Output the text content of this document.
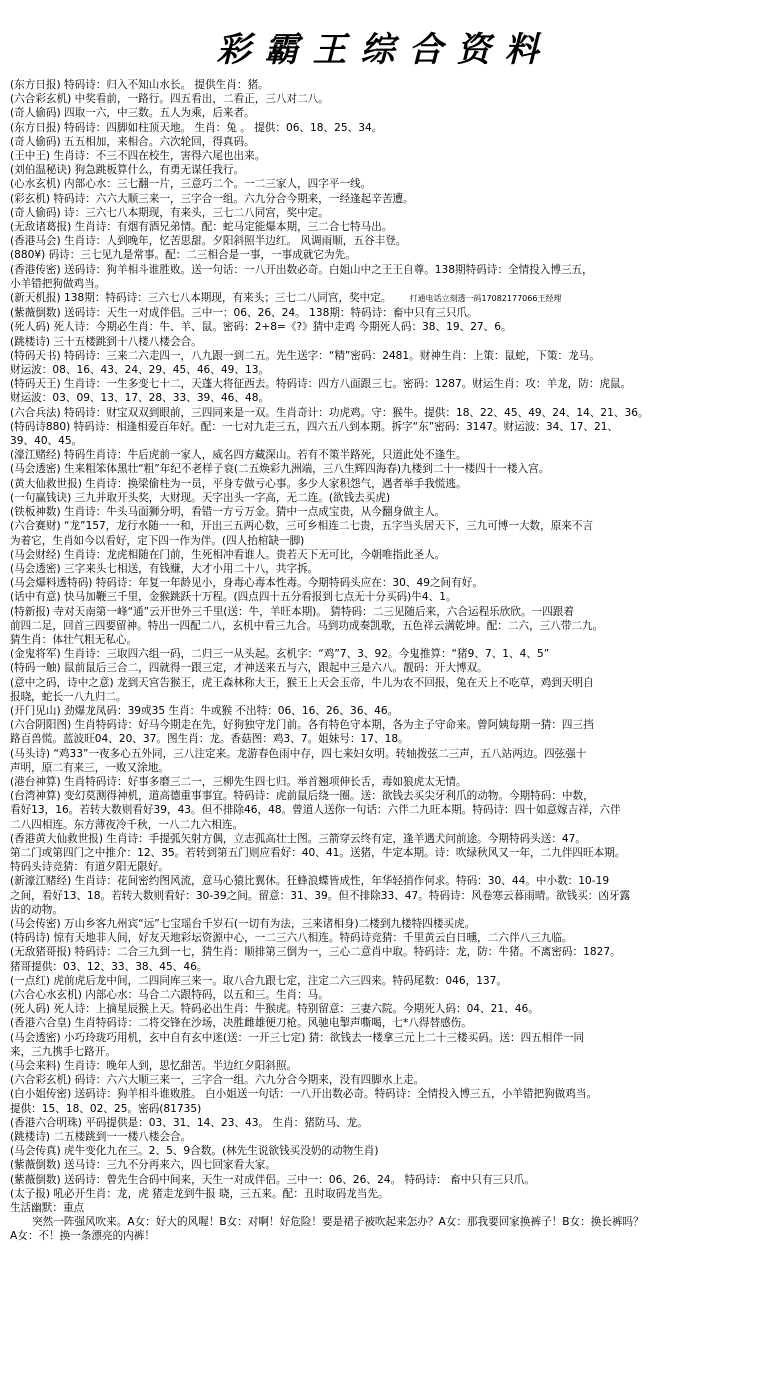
彩霸王综合资料
(东方日报) 特码诗：归入不知山水长。 提供生肖：猪。
(六合彩玄机) 中奖看前，一路行。四五看出，二看正，三八对二八。
(奇人偷码) 四取一六，中三数。五人为乘，后来者。
(东方日报) 特码诗：四脚如柱顶天地。 生肖：兔 。 提供：06、18、25、34。
(奇人偷码) 五五相加，来相合。六次轮回，得真码。
(王中王) 生肖诗：不三不四在校生，害得六尾也出来。
(刘伯温秘诀) 狗急跳板算什么，有勇无谋任我行。
(心水玄机) 内部心水：三七翻一片，三意巧二个。一二三家人，四字平一线。
(彩玄机) 特码诗：六六大顺三来一，三字合一组。六九分合今期来，一经逢起辛苦遭。
(奇人偷码) 诗：三六七八本期现，有来头，三七二八同宫，奖中定。
(无敌诸葛报) 生肖诗：有烟有酒兄弟情。配：蛇马定能爆本期，三二合七特马出。
(香港马会) 生肖诗：人到晚年，忆苦思甜。夕阳斜照半边红。 风调雨顺，五谷丰登。
(880¥) 码诗：三七见九是常事。配：二三相合是一事，一事成就它为先。
(香港传密) 送码诗：狗羊相斗谁胜败。送一句话：一八开出数必奇。白姐山中之王王自尊。138期特码诗：全情投入博三五，
小羊错把狗做鸡当。
(新天机报) 138期：特码诗：三六七八本期现，有来头；三七二八同宫，奖中定。 打通电话立刻透一码17082177066王经理
(紫薇倒数) 送码诗：天生一对成伴侣。三中一：06、26、24。 138期：特码诗：畜中只有三只爪。
(死人码) 死人诗：今期必生肖：牛、羊、鼠。密码：2+8=《?》猜中走鸡 今期死人码：38、19、27、6。
(跳楼诗) 三十五楼跳到十八楼八楼会合。
(特码天书) 特码诗：三来二六走四一，八九跟一到二五。先生送字：“精”密码：2481。财神生肖：上策：鼠蛇，下策：龙马。
财运波：08、16、43、24、29、45、46、49、13。
(特码天王) 生肖诗：一生多变七十二，天蓬大将征西去。特码诗：四方八面跟三七。密码：1287。财运生肖：攻：羊龙，防：虎鼠。
财运波：03、09、13、17、28、33、39、46、48。
(六合兵法) 特码诗：财宝双双到眼前，三四同来是一双。生肖奇计：功虎鸡。守：猴牛。提供：18、22、45、49、24、14、21、36。
(特码诗880) 特码诗：相逢相爱百年好。配：一七对九走三五，四六五八到本期。拆字“东”密码：3147。财运波：34、17、21、
39、40、45。
(濠江赌经) 特码生肖诗：牛后虎前一家人，威名四方藏深山。若有不策半路死，只道此处不逢生。
(马会透密) 生来粗笨体黑壮“粗”年纪不老样子衰(二五焕彩九洲端，三八生辉四海春)九楼到二十一楼四十一楼入宫。
(黄大仙救世报) 生肖诗：换梁偷柱为一员，平身专做亏心事。多少人家积怨气，遇者举手我慌逃。
(一句赢钱诀) 三九并取开头奖，大财现。天字出头一字高，无二连。(欲钱去买虎)
(铁板神数) 生肖诗：牛头马面狮分明，看错一方亏万金。猜中一点成宝贵，从今翻身做主人。
(六合赛财) “龙”157，龙行水随一一和，开出三五两心数，三可乡相连二七贵，五字当头居天下，三九可博一大数，原来不言
为着它，生肖如今以看好，定下四一作为伴。(四人抬棺缺一脚)
(马会财经) 生肖诗：龙虎相随在门前，生死相冲看谁人。贵若天下无可比，今朝唯指此圣人。
(马会透密) 三字来头七相送，有钱赚，大才小用二十八，共字拆。
(马会爆料透特码) 特码诗：年复一年龄见小，身毒心毒本性毒。今期特码头应在：30、49之间有好。
(话中有意) 快马加鞭三千里，金猴跳跃十万程。(四点四十五分看报到七点无十分买码)牛4、1。
(特新报) 寺对天南第一峰“通”云开世外三千里(送：牛，羊旺本期)。 猜特码：二三见随后来，六合运程乐欣欣。一四跟着
前四二足，回首三四要留神。特出一四配二八，玄机中看三九合。马到功成奏凯歌，五色祥云满乾坤。配：二六，三八带二九。
猜生肖：体壮气粗无私心。
(金鬼将军) 生肖诗：三取四六组一码，二归三一从头起。玄机字：“鸡”7、3、92。今鬼推算：“猪9、7、1、4、5”
(特码一触) 鼠前鼠后三合二，四就得一跟三定，才神送来五与六，跟起中三是六八。靓码：开大博双。
(意中之码，诗中之意) 龙到天宫告猴王，虎王森林称大王，猴王上天会玉帝，牛儿为农不回报，兔在天上不吃草，鸡到天明自
报晓，蛇长一八九归二。
(开门见山) 劲爆龙凤码：39或35 生肖：牛或猴 不出特：06、16、26、36、46。
(六合阴阳图) 生肖特码诗：好马今期走在先，好狗独守龙门前。各有特色守本期，各为主子守命来。曾阿姨每期一猜：四三挡
路百兽慌。蓝波旺04、20、37。图生肖：龙。香菇图：鸡3、7。姐妹号：17、18。
(马头诗) “鸡33”一夜多心五外同，三八注定来。龙游春色雨中存，四七来妇女明。转轴拨弦二三声，五八站两边。四弦强十
声明，原二有来三，一败又涂地。
(港台神算) 生肖特码诗：好事多磨三二一，三柳先生四七归。举首翘项伸长舌，毒如狼虎太无情。
(台湾神算) 变幻莫测得神机，道高德重事事宜。特码诗：虎前鼠后绕一圈。送：欲钱去买尖牙利爪的动物。今期特码：中数，
看好13，16。若转大数则看好39，43。但不排除46，48。曾道人送你一句话：六伴二九旺本期。特码诗：四十如意嫁吉祥，六伴
二八四相连。东方薄夜冷千秋，一八二九六相连。
(香港黄大仙救世报) 生肖诗：手提弧矢射方偶，立志孤高壮士图。三箭穿云终有定，逢羊遇犬问前途。今期特码头送：47。
第二门或第四门之中推介：12、35。若转到第五门则应看好：40、41。送猪，牛定本期。诗：吹绿秋风又一年，二九伴四旺本期。
特码头诗竞猜：有道夕阳无限好。
(新濠江赌经) 生肖诗：花间密约图风流，意马心猿比翼休。狂蜂浪蝶皆成性，年华轻捎作何求。特码：30、44。中小数：10-19
之间，看好13、18。若转大数则看好：30-39之间。留意：31、39。但不排除33、47。特码诗：风卷寒云暮雨晴。欲钱买：凶牙露
齿的动物。
(马会传密) 万山乡客九州宾“远”七宝瑶台千岁石(一切有为法，三来诸相身)二楼到九楼特四楼买虎。
(特码诗) 惊有天地非人间，好友天地彩坛资源中心，一二三六八相连。特码诗竞猜：千里黄云白日曛，二六伴八三九临。
(无敌猪哥报) 特码诗：二合三九到一七，猜生肖：顺排第三倒为一，三心二意肖中取。特码诗：龙，防：牛猪。不离密码：1827。
猪哥提供：03、12、33、38、45、46。
(一点红) 虎前虎后龙中间，二四同库三来一。取八合九跟七定，注定二六三四来。特码尾数：046，137。
(六合心水玄机) 内部心水：马合二六跟特码，以五和三。生肖：马。
(死人码) 死人诗：上摘星辰猴上天。特码必出生肖：牛猴虎。特别留意：三妻六院。今期死人码：04、21、46。
(香港六合皇) 生肖特码诗：二将交锋在沙场，决胜雌雄便刀枪。风驰电掣声嘶喝，七*八得替感伤。
(马会透密) 小巧玲珑巧用机，玄中自有玄中迷(送：一开三七定) 猜：欲钱去一楼拿三元上二十三楼买码。送：四五相伴一同
来，三九携手七路开。
(马会来料) 生肖诗：晚年人到，思忆甜苦。半边红夕阳斜照。
(六合彩玄机) 码诗：六六大顺三来一，三字合一组。六九分合今期来，没有四脚水上走。
(白小姐传密) 送码诗：狗羊相斗谁败胜。 白小姐送一句话：一八开出数必奇。特码诗：全情投入博三五，小羊错把狗做鸡当。
提供：15、18、02、25。密码(81735)
(香港六合明珠) 平码提供是：03、31、14、23、43。 生肖：猪防马、龙。
(跳楼诗) 二五楼跳到一一楼八楼会合。
(马会传真) 虎牛变化九在三。2、5、9合数。(林先生说欲钱买没奶的动物生肖)
(紫薇倒数) 送马诗：三九不分再来六，四七回家看大家。
(紫薇倒数) 送码诗：曾先生合码中间来，天生一对成伴侣。三中一：06、26、24。 特码诗： 畜中只有三只爪。
(太子报) 吼必开生肖：龙，虎 猪走龙到牛报 晓，三五来。配：丑时取码龙当先。
生活幽默：重点
突然一阵强风吹来。A女：好大的风喔！B女：对啊！好危险！要是裙子被吹起来怎办？A女：那我要回家换裤子！B女：换长裤吗？
A女：不！换一条漂亮的内裤！
